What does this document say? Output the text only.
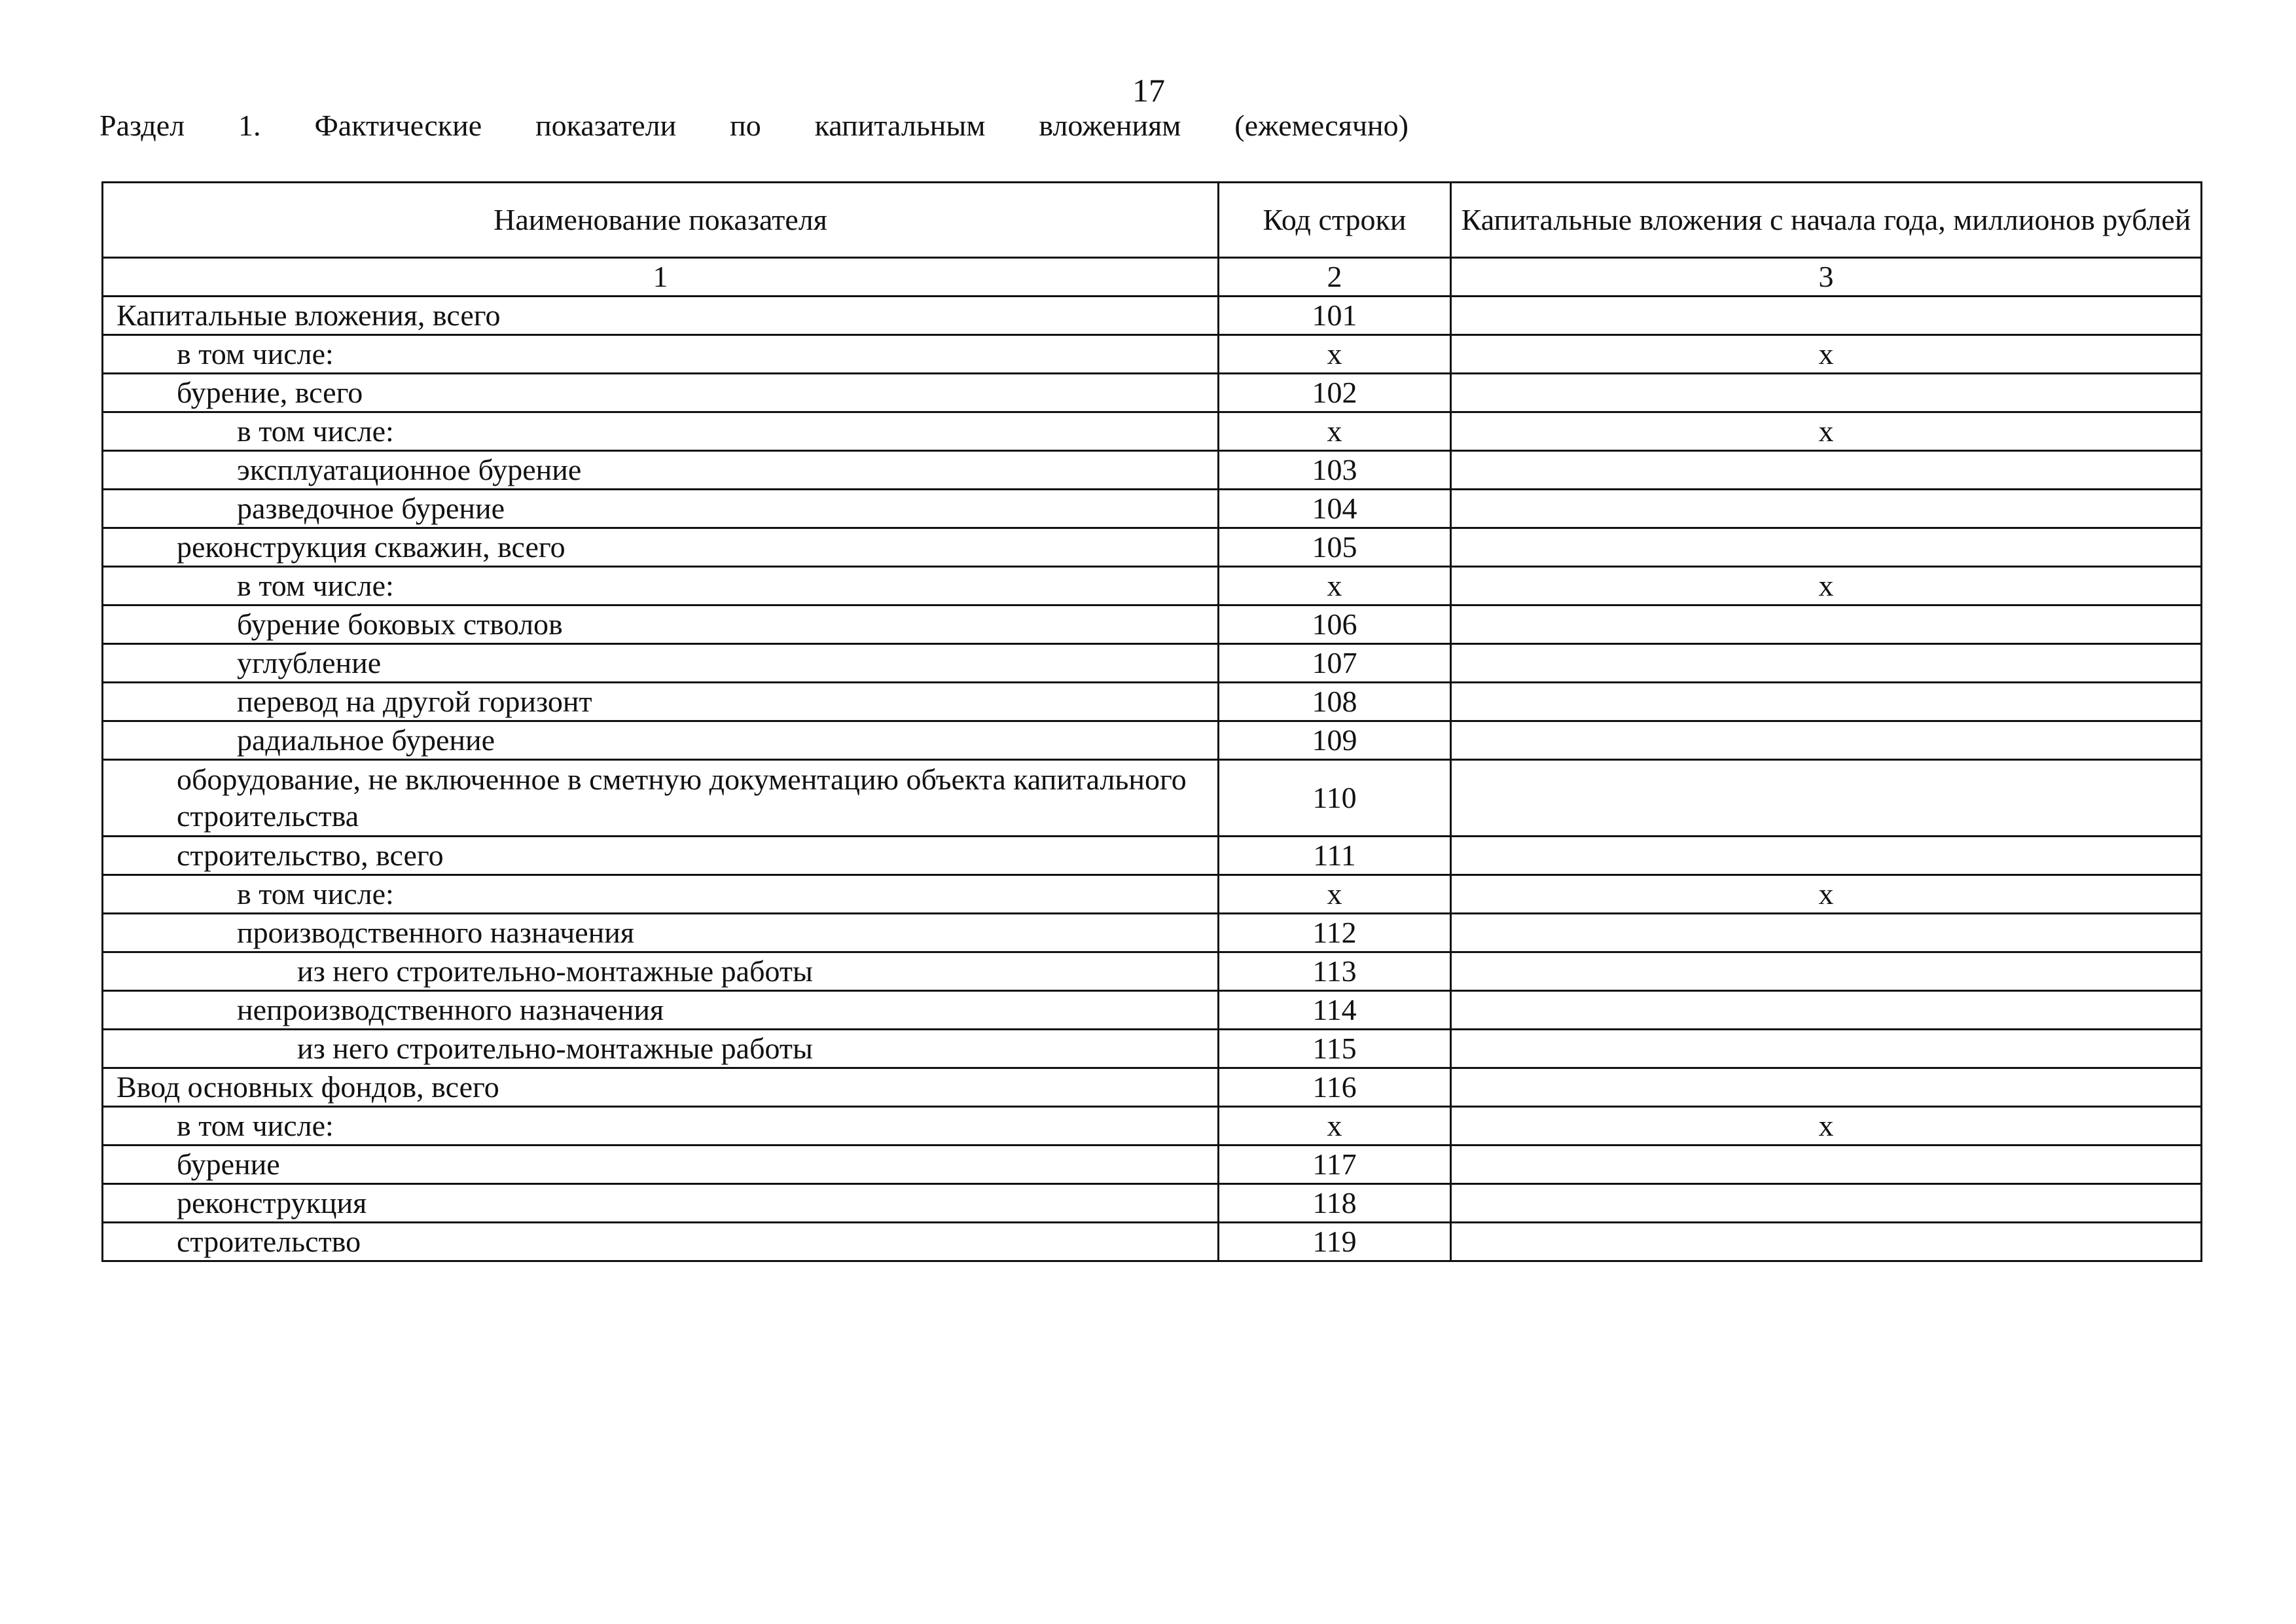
17
Раздел 1. Фактические показатели по капитальным вложениям (ежемесячно)
Наименование показателя	Код строки	Капитальные вложения с начала года, миллионов рублей
1	2	3
Капитальные вложения, всего	101	
в том числе:	x	x
бурение, всего	102	
в том числе:	x	x
эксплуатационное бурение	103	
разведочное бурение	104	
реконструкция скважин, всего	105	
в том числе:	x	x
бурение боковых стволов	106	
углубление	107	
перевод на другой горизонт	108	
радиальное бурение	109	
оборудование, не включенное в сметную документацию объекта капитального строительства	110	
строительство, всего	111	
в том числе:	x	x
производственного назначения	112	
из него строительно-монтажные работы	113	
непроизводственного назначения	114	
из него строительно-монтажные работы	115	
Ввод основных фондов, всего	116	
в том числе:	x	x
бурение	117	
реконструкция	118	
строительство	119	
